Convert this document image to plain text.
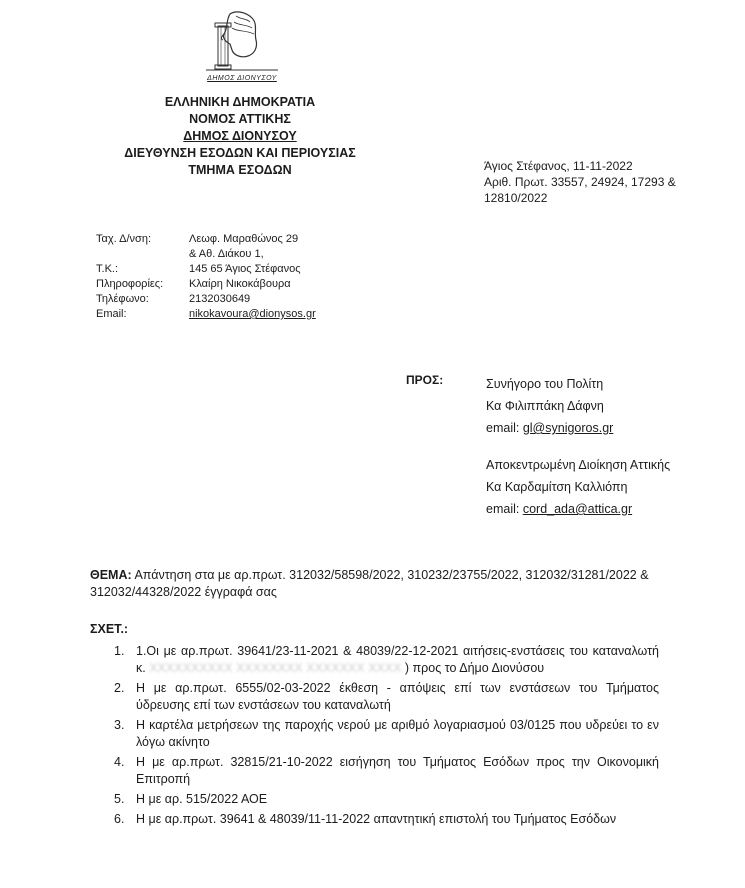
ΔΗΜΟΣ ΔΙΟΝΥΣΟΥ
ΕΛΛΗΝΙΚΗ ΔΗΜΟΚΡΑΤΙΑ
ΝΟΜΟΣ ΑΤΤΙΚΗΣ
ΔΗΜΟΣ ΔΙΟΝΥΣΟΥ
ΔΙΕΥΘΥΝΣΗ ΕΣΟΔΩΝ ΚΑΙ ΠΕΡΙΟΥΣΙΑΣ
ΤΜΗΜΑ ΕΣΟΔΩΝ	Άγιος Στέφανος, 11-11-2022
Αριθ. Πρωτ. 33557, 24924, 17293 &
12810/2022
Ταχ. Δ/νση:	Λεωφ. Μαραθώνος 29
& Αθ. Διάκου 1,
Τ.Κ.:	145 65 Άγιος Στέφανος
Πληροφορίες:	Κλαίρη Νικοκάβουρα
Τηλέφωνο:	2132030649
Email:	nikokavoura@dionysos.gr
ΠΡΟΣ:	Συνήγορο του Πολίτη
Κα Φιλιππάκη Δάφνη
email: gl@synigoros.gr
Αποκεντρωμένη Διοίκηση Αττικής
Κα Καρδαμίτση Καλλιόπη
email: cord_ada@attica.gr
ΘΕΜΑ: Απάντηση στα με αρ.πρωτ. 312032/58598/2022, 310232/23755/2022, 312032/31281/2022 & 312032/44328/2022 έγγραφά σας
ΣΧΕΤ.:
1. 1.Οι με αρ.πρωτ. 39641/23-11-2021 & 48039/22-12-2021 αιτήσεις-ενστάσεις του καταναλωτή κ. ΧΧΧΧΧΧΧΧΧΧ ΧΧΧΧΧΧΧΧ ΧΧΧΧΧΧΧ ΧΧΧΧ ) προς το Δήμο Διονύσου
2. Η με αρ.πρωτ. 6555/02-03-2022 έκθεση - απόψεις επί των ενστάσεων του Τμήματος ύδρευσης επί των ενστάσεων του καταναλωτή
3. Η καρτέλα μετρήσεων της παροχής νερού με αριθμό λογαριασμού 03/0125 που υδρεύει το εν λόγω ακίνητο
4. Η με αρ.πρωτ. 32815/21-10-2022 εισήγηση του Τμήματος Εσόδων προς την Οικονομική Επιτροπή
5. Η με αρ. 515/2022 ΑΟΕ
6. Η με αρ.πρωτ. 39641 & 48039/11-11-2022 απαντητική επιστολή του Τμήματος Εσόδων
